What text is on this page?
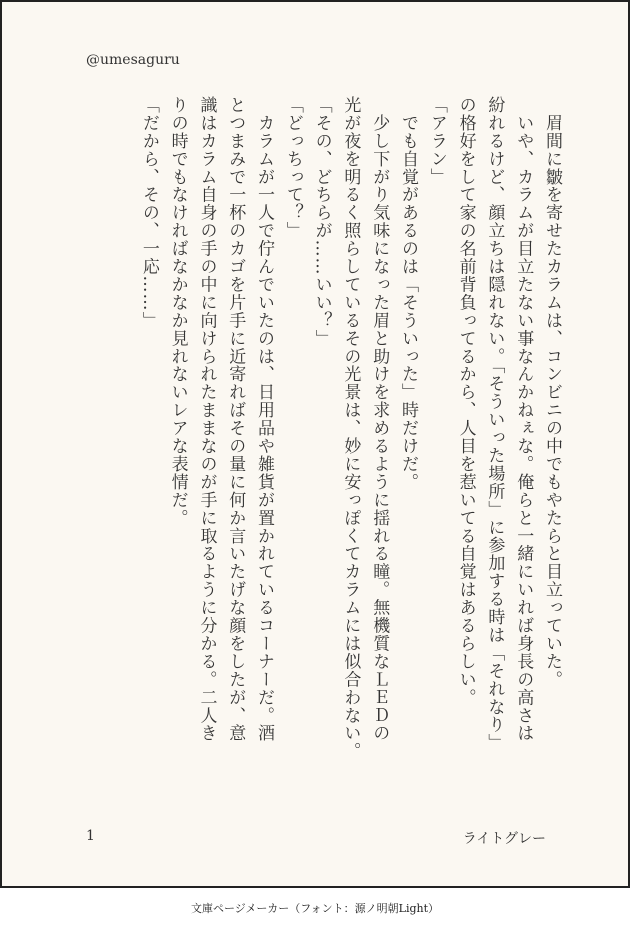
@umesaguru
　眉間に皺を寄せたカラムは、コンビニの中でもやたらと目立っていた。
　いや、カラムが目立たない事なんかねぇな。俺らと一緒にいれば身長の高さは
紛れるけど、顔立ちは隠れない。「そういった場所」に参加する時は「それなり」
の格好をして家の名前背負ってるから、人目を惹いてる自覚はあるらしい。
「アラン」
　でも自覚があるのは「そういった」時だけだ。
　少し下がり気味になった眉と助けを求めるように揺れる瞳。無機質なＬＥＤの
光が夜を明るく照らしているその光景は、妙に安っぽくてカラムには似合わない。
「その、どちらが……いい？」
「どっちって？」
　カラムが一人で佇んでいたのは、日用品や雑貨が置かれているコーナーだ。酒
とつまみで一杯のカゴを片手に近寄ればその量に何か言いたげな顔をしたが、意
識はカラム自身の手の中に向けられたままなのが手に取るように分かる。二人き
りの時でもなければなかなか見れないレアな表情だ。
「だから、その、一応……」
1	ライトグレー
文庫ページメーカー（フォント：源ノ明朝Light）
